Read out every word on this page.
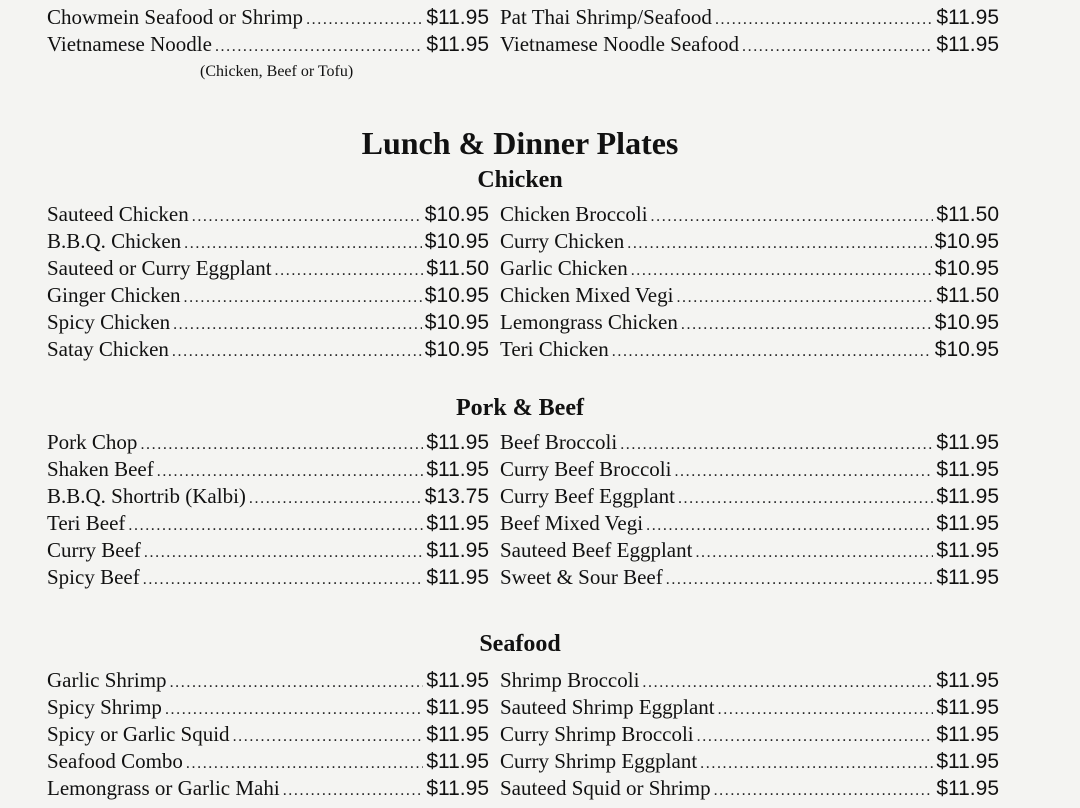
Chowmein Seafood or Shrimp .....	$11.95
Vietnamese Noodle .....	$11.95
Pat Thai Shrimp/Seafood .....	$11.95
Vietnamese Noodle Seafood .....	$11.95
(Chicken, Beef or Tofu)
Lunch & Dinner Plates
Chicken
Sauteed Chicken .....	$10.95
B.B.Q. Chicken .....	$10.95
Sauteed or Curry Eggplant .....	$11.50
Ginger Chicken .....	$10.95
Spicy Chicken .....	$10.95
Satay Chicken .....	$10.95
Chicken Broccoli .....	$11.50
Curry Chicken .....	$10.95
Garlic Chicken .....	$10.95
Chicken Mixed Vegi .....	$11.50
Lemongrass Chicken .....	$10.95
Teri Chicken .....	$10.95
Pork & Beef
Pork Chop .....	$11.95
Shaken Beef .....	$11.95
B.B.Q. Shortrib (Kalbi) .....	$13.75
Teri Beef .....	$11.95
Curry Beef .....	$11.95
Spicy Beef .....	$11.95
Beef Broccoli .....	$11.95
Curry Beef Broccoli .....	$11.95
Curry Beef Eggplant .....	$11.95
Beef Mixed Vegi .....	$11.95
Sauteed Beef Eggplant .....	$11.95
Sweet & Sour Beef .....	$11.95
Seafood
Garlic Shrimp .....	$11.95
Spicy Shrimp .....	$11.95
Spicy or Garlic Squid .....	$11.95
Seafood Combo .....	$11.95
Lemongrass or Garlic Mahi .....	$11.95
Shrimp Broccoli .....	$11.95
Sauteed Shrimp Eggplant .....	$11.95
Curry Shrimp Broccoli .....	$11.95
Curry Shrimp Eggplant .....	$11.95
Sauteed Squid or Shrimp .....	$11.95
